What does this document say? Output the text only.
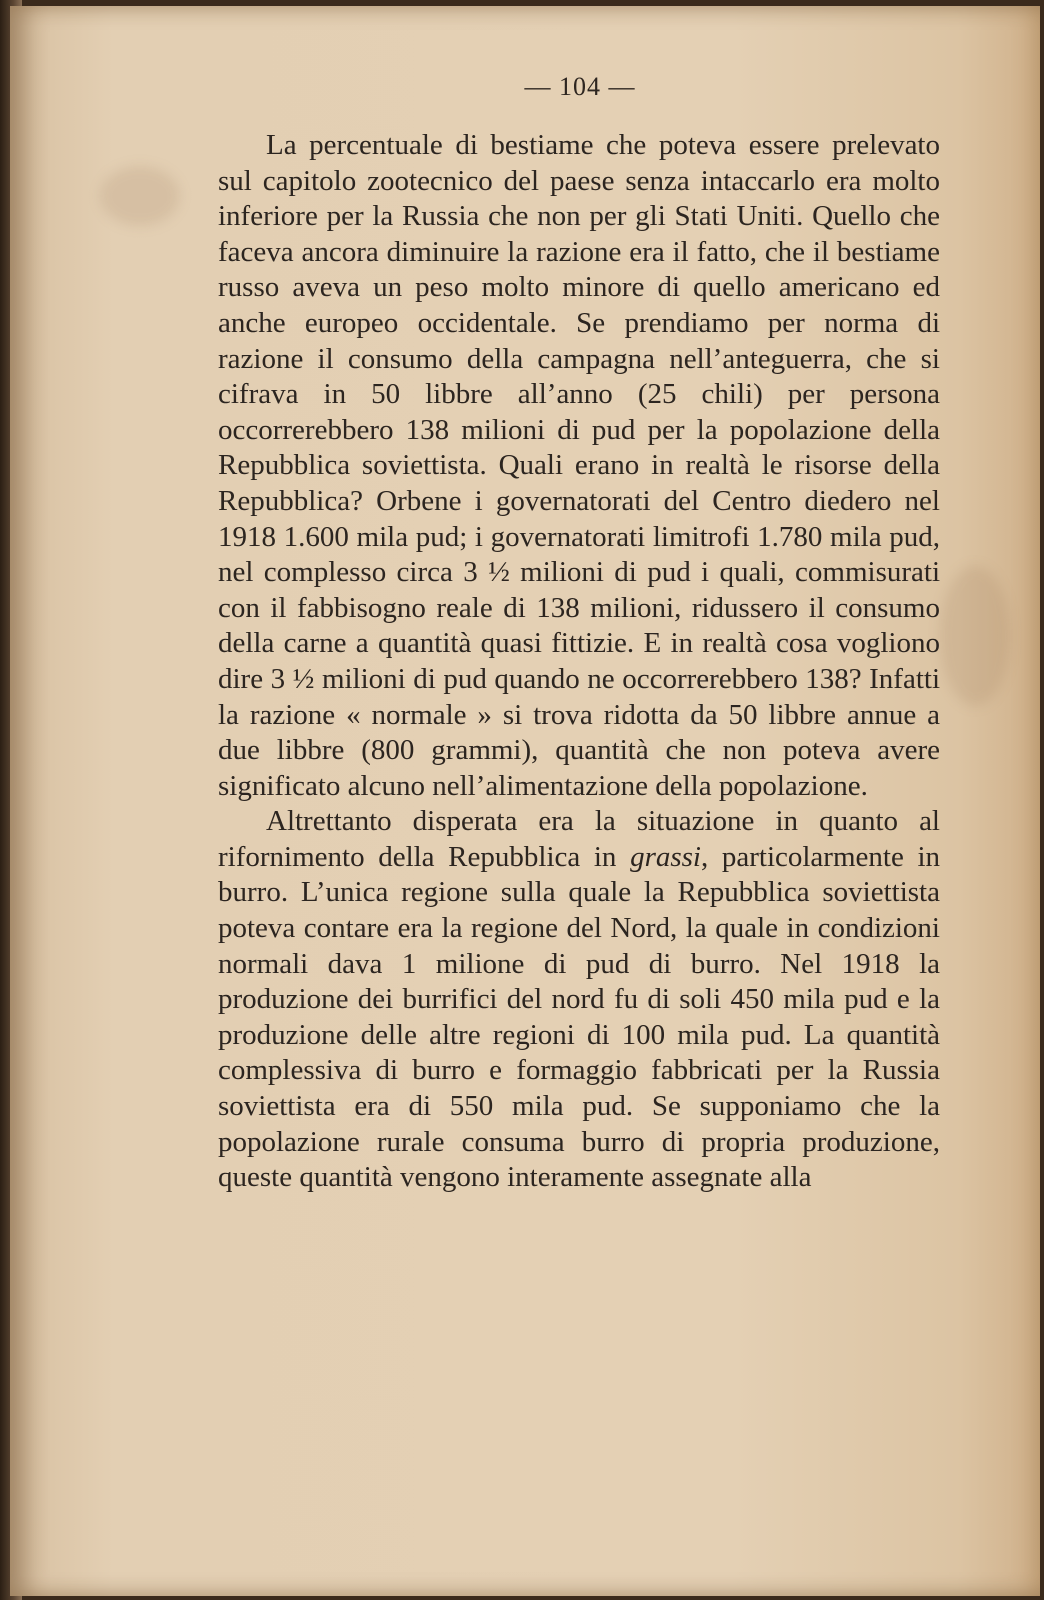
— 104 —

La percentuale di bestiame che poteva essere prelevato sul capitolo zootecnico del paese senza intaccarlo era molto inferiore per la Russia che non per gli Stati Uniti. Quello che faceva ancora diminuire la razione era il fatto, che il bestiame russo aveva un peso molto minore di quello americano ed anche europeo occidentale. Se prendiamo per norma di razione il consumo della campagna nell’anteguerra, che si cifrava in 50 libbre all’anno (25 chili) per persona occorrerebbero 138 milioni di pud per la popolazione della Repubblica soviettista. Quali erano in realtà le risorse della Repubblica? Orbene i governatorati del Centro diedero nel 1918 1.600 mila pud; i governatorati limitrofi 1.780 mila pud, nel complesso circa 3 ½ milioni di pud i quali, commisurati con il fabbisogno reale di 138 milioni, ridussero il consumo della carne a quantità quasi fittizie. E in realtà cosa vogliono dire 3 ½ milioni di pud quando ne occorrerebbero 138? Infatti la razione « normale » si trova ridotta da 50 libbre annue a due libbre (800 grammi), quantità che non poteva avere significato alcuno nell’alimentazione della popolazione.

Altrettanto disperata era la situazione in quanto al rifornimento della Repubblica in grassi, particolarmente in burro. L’unica regione sulla quale la Repubblica soviettista poteva contare era la regione del Nord, la quale in condizioni normali dava 1 milione di pud di burro. Nel 1918 la produzione dei burrifici del nord fu di soli 450 mila pud e la produzione delle altre regioni di 100 mila pud. La quantità complessiva di burro e formaggio fabbricati per la Russia soviettista era di 550 mila pud. Se supponiamo che la popolazione rurale consuma burro di propria produzione, queste quantità vengono interamente assegnate alla
